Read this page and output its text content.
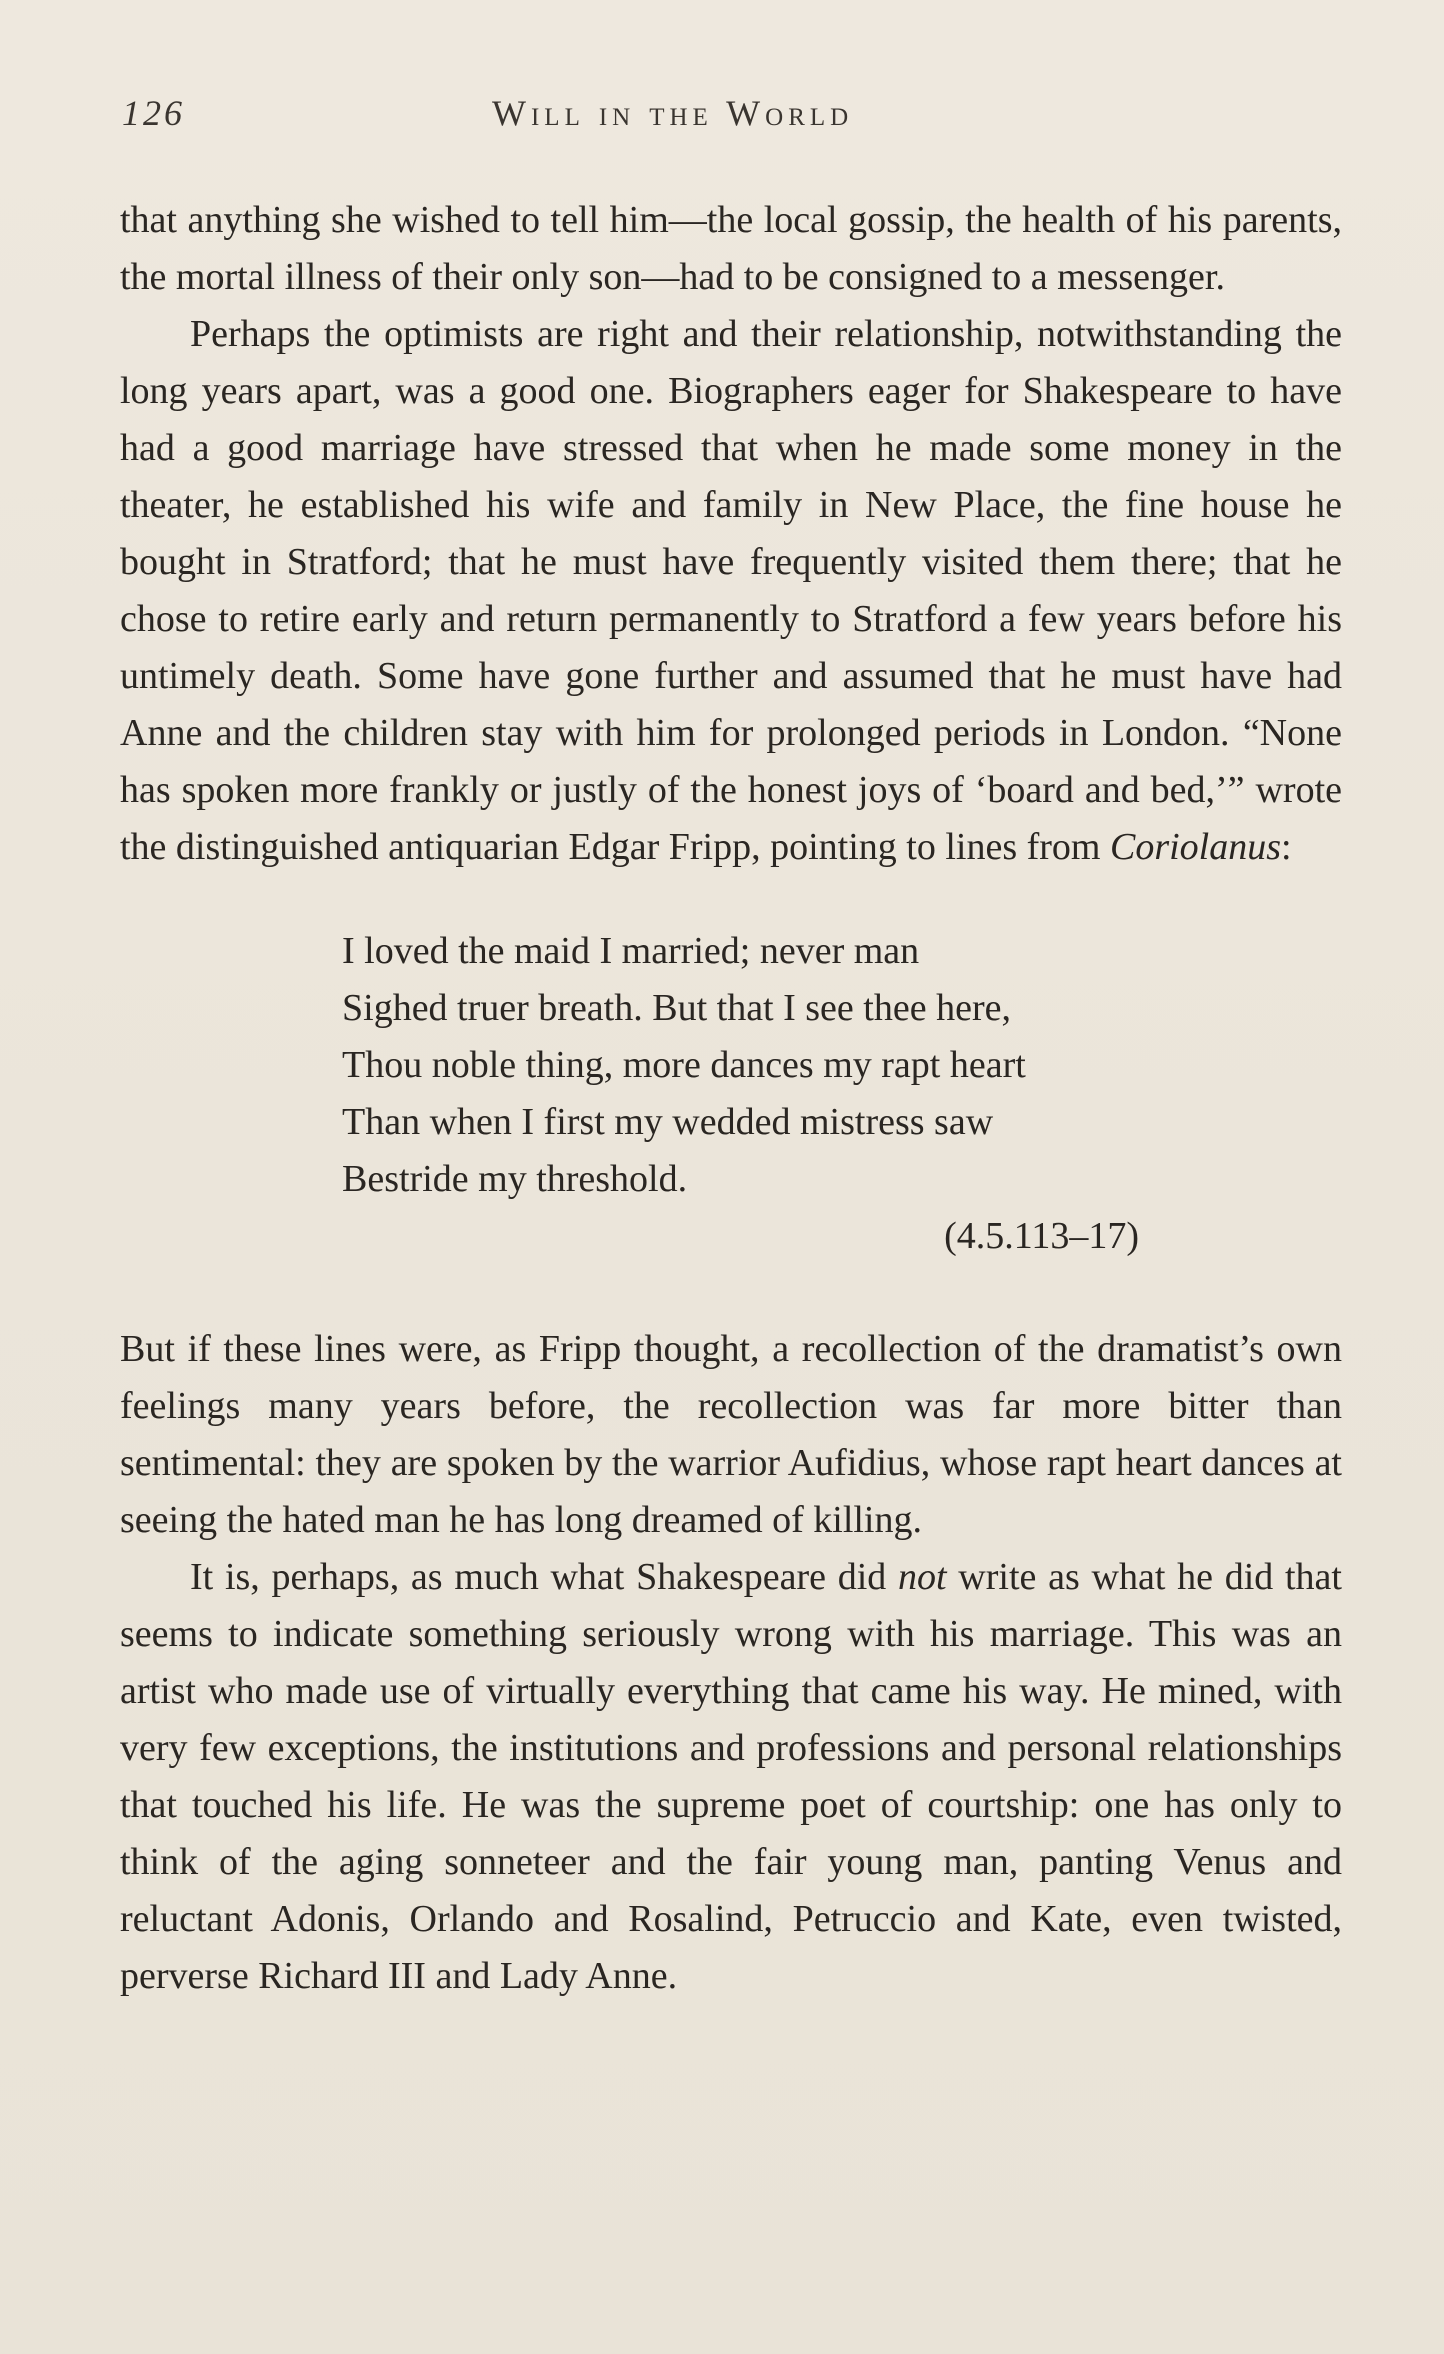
126	Will in the World

that anything she wished to tell him—the local gossip, the health of his parents, the mortal illness of their only son—had to be consigned to a messenger.

Perhaps the optimists are right and their relationship, notwithstanding the long years apart, was a good one. Biographers eager for Shakespeare to have had a good marriage have stressed that when he made some money in the theater, he established his wife and family in New Place, the fine house he bought in Stratford; that he must have frequently visited them there; that he chose to retire early and return permanently to Stratford a few years before his untimely death. Some have gone further and assumed that he must have had Anne and the children stay with him for prolonged periods in London. “None has spoken more frankly or justly of the honest joys of ‘board and bed,’” wrote the distinguished antiquarian Edgar Fripp, pointing to lines from Coriolanus:

I loved the maid I married; never man
Sighed truer breath. But that I see thee here,
Thou noble thing, more dances my rapt heart
Than when I first my wedded mistress saw
Bestride my threshold.
(4.5.113–17)

But if these lines were, as Fripp thought, a recollection of the dramatist’s own feelings many years before, the recollection was far more bitter than sentimental: they are spoken by the warrior Aufidius, whose rapt heart dances at seeing the hated man he has long dreamed of killing.

It is, perhaps, as much what Shakespeare did not write as what he did that seems to indicate something seriously wrong with his marriage. This was an artist who made use of virtually everything that came his way. He mined, with very few exceptions, the institutions and professions and personal relationships that touched his life. He was the supreme poet of courtship: one has only to think of the aging sonneteer and the fair young man, panting Venus and reluctant Adonis, Orlando and Rosalind, Petruccio and Kate, even twisted, perverse Richard III and Lady Anne.
